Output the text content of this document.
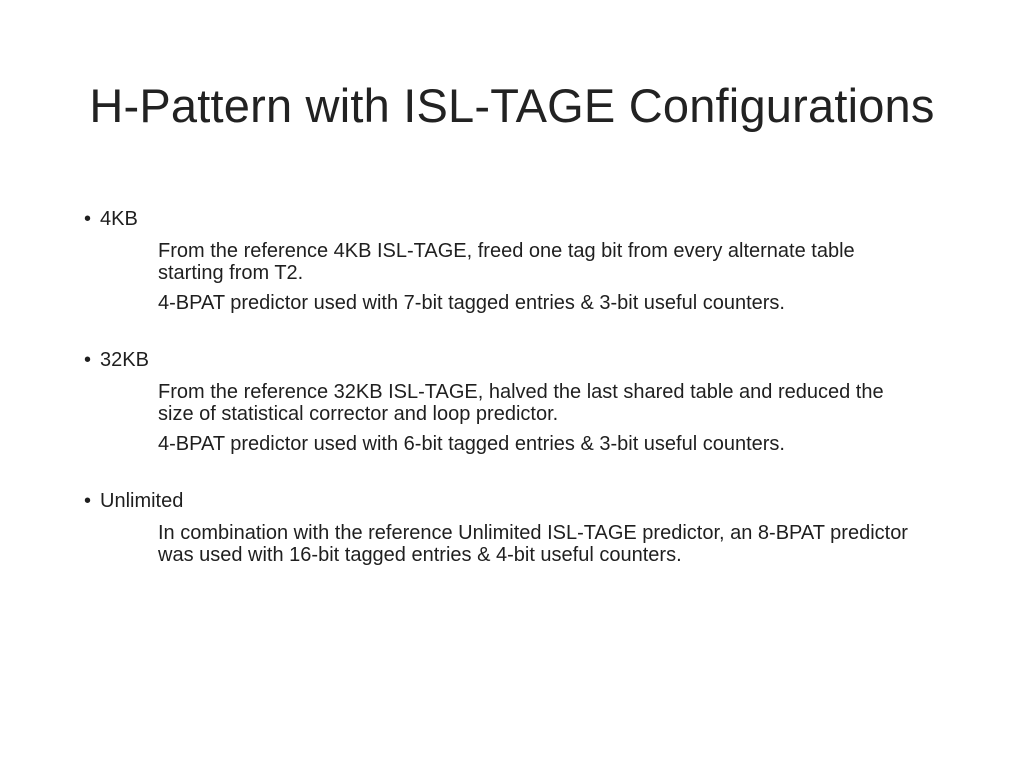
H-Pattern with ISL-TAGE Configurations
• 4KB
From the reference 4KB ISL-TAGE, freed one tag bit from every alternate table starting from T2.
4-BPAT predictor used with 7-bit tagged entries & 3-bit useful counters.
• 32KB
From the reference 32KB ISL-TAGE, halved the last shared table and reduced the size of statistical corrector and loop predictor.
4-BPAT predictor used with 6-bit tagged entries & 3-bit useful counters.
• Unlimited
In combination with the reference Unlimited ISL-TAGE predictor, an 8-BPAT predictor was used with 16-bit tagged entries & 4-bit useful counters.
